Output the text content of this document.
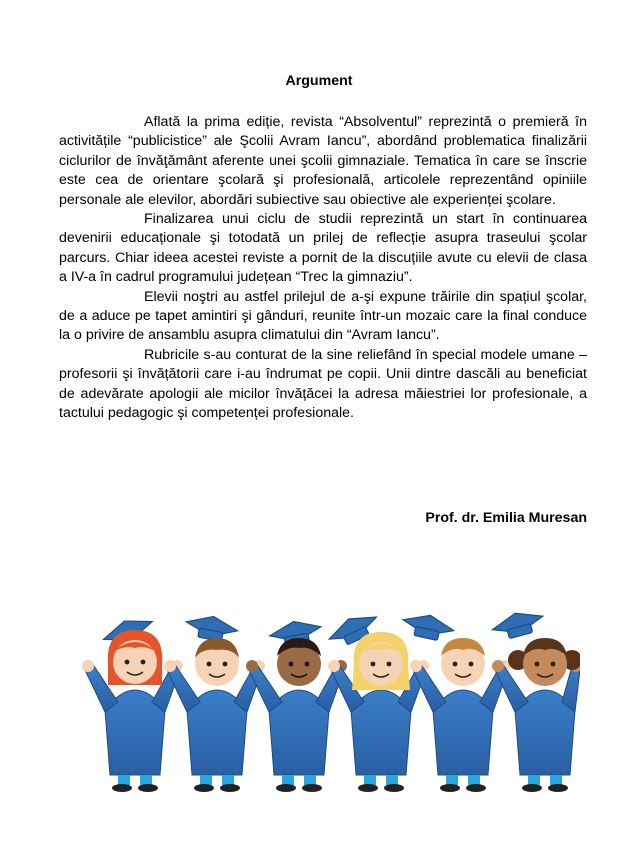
Argument

Aflată la prima ediție, revista “Absolventul” reprezintă o premieră în activitățile “publicistice” ale Şcolii Avram Iancu”, abordând problematica finalizării ciclurilor de învăţământ aferente unei şcolii gimnaziale. Tematica în care se înscrie este cea de orientare şcolară şi profesională, articolele reprezentând opiniile personale ale elevilor, abordări subiective sau obiective ale experienței şcolare.

Finalizarea unui ciclu de studii reprezintă un start în continuarea devenirii educaționale şi totodată un prilej de reflecție asupra traseului şcolar parcurs. Chiar ideea acestei reviste a pornit de la discuțiile avute cu elevii de clasa a IV-a în cadrul programului județean “Trec la gimnaziu”.

Elevii noştri au astfel prilejul de a-şi expune trăirile din spațiul şcolar, de a aduce pe tapet amintiri şi gânduri, reunite într-un mozaic care la final conduce la o privire de ansamblu asupra climatului din “Avram Iancu”.

Rubricile s-au conturat de la sine reliefând în special modele umane – profesorii şi învățătorii care i-au îndrumat pe copii. Unii dintre dascăli au beneficiat de adevărate apologii ale micilor învățăcei la adresa măiestriei lor profesionale, a tactului pedagogic şi competenței profesionale.

Prof. dr. Emilia Muresan
